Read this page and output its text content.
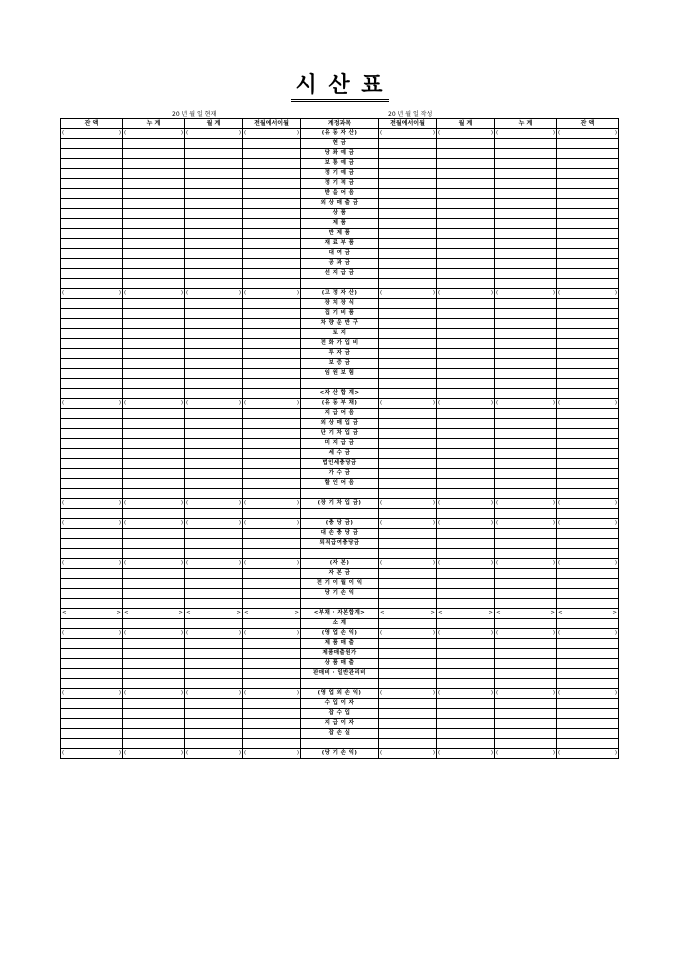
시 산 표
20 년 월 일 현재	20 년 월 일 작성
잔 액	누 계	월 계	전월에서이월	계정과목	전월에서이월	월 계	누 계	잔 액

( )	( )	( )	( )	(유 동 자 산)	( )	( )	( )	( )

				현 금				
				당 좌 예 금				
				보 통 예 금				
				정 기 예 금				
				정 기 적 금				
				받 을 어 음				
				외 상 매 출 금				
				상 품				
				제 품				
				반 제 품				
				재 료 부 품				
				대 여 금				
				공 과 금				
				선 지 급 금				

( )	( )	( )	( )	(고 정 자 산)	( )	( )	( )	( )

				장 치 장 식				
				집 기 비 품				
				차 량 운 반 구				
				토 지				
				전 화 가 입 비				
				투 자 금				
				보 증 금				
				임 원 보 험				

				<자 산 합 계>				

( )	( )	( )	( )	(유 동 부 채)	( )	( )	( )	( )

				지 급 어 음				
				외 상 매 입 금				
				단 기 차 입 금				
				미 지 급 금				
				세 수 금				
				법인세충당금				
				가 수 금				
				할 인 어 음				

( )	( )	( )	( )	(장 기 차 입 금)	( )	( )	( )	( )

( )	( )	( )	( )	(충 당 금)	( )	( )	( )	( )

				대 손 충 당 금				
				퇴직급여충당금				

( )	( )	( )	( )	(자 본)	( )	( )	( )	( )

				자 본 금				
				전 기 이 월 이 익				
				당 기 손 익				

< >	< >	< >	< >	<부채 · 자본합계>	< >	< >	< >	< >

				소 계				

( )	( )	( )	( )	(영 업 손 익)	( )	( )	( )	( )

				제 품 매 출				
				제품매출원가				
				상 품 매 출				
				판매비 · 일반관리비				

( )	( )	( )	( )	(영 업 외 손 익)	( )	( )	( )	( )

				수 입 이 자				
				잡 수 입				
				지 급 이 자				
				잡 손 실				

( )	( )	( )	( )	(당 기 손 익)	( )	( )	( )	( )
